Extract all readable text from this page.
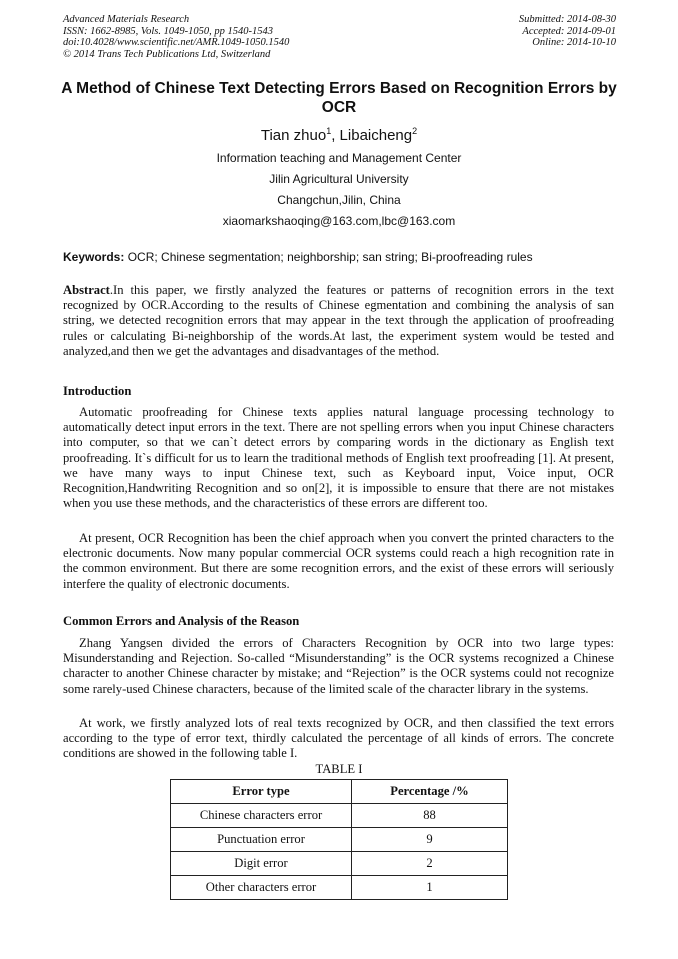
Advanced Materials Research
ISSN: 1662-8985, Vols. 1049-1050, pp 1540-1543
doi:10.4028/www.scientific.net/AMR.1049-1050.1540
© 2014 Trans Tech Publications Ltd, Switzerland
Submitted: 2014-08-30
Accepted: 2014-09-01
Online: 2014-10-10
A Method of Chinese Text Detecting Errors Based on Recognition Errors by OCR
Tian zhuo$^1$, Libaicheng$^2$
Information teaching and Management Center
Jilin Agricultural University
Changchun,Jilin, China
xiaomarkshaoqing@163.com,lbc@163.com
Keywords: OCR; Chinese segmentation; neighborship; san string; Bi-proofreading rules
Abstract.In this paper, we firstly analyzed the features or patterns of recognition errors in the text recognized by OCR.According to the results of Chinese egmentation and combining the analysis of san string, we detected recognition errors that may appear in the text through the application of proofreading rules or calculating Bi-neighborship of the words.At last, the experiment system would be tested and analyzed,and then we get the advantages and disadvantages of the method.
Introduction
Automatic proofreading for Chinese texts applies natural language processing technology to automatically detect input errors in the text. There are not spelling errors when you input Chinese characters into computer, so that we can`t detect errors by comparing words in the dictionary as English text proofreading. It`s difficult for us to learn the traditional methods of English text proofreading [1]. At present, we have many ways to input Chinese text, such as Keyboard input, Voice input, OCR Recognition,Handwriting Recognition and so on[2], it is impossible to ensure that there are not mistakes when you use these methods, and the characteristics of these errors are different too.
At present, OCR Recognition has been the chief approach when you convert the printed characters to the electronic documents. Now many popular commercial OCR systems could reach a high recognition rate in the common environment. But there are some recognition errors, and the exist of these errors will seriously interfere the quality of electronic documents.
Common Errors and Analysis of the Reason
Zhang Yangsen divided the errors of Characters Recognition by OCR into two large types: Misunderstanding and Rejection. So-called “Misunderstanding” is the OCR systems recognized a Chinese character to another Chinese character by mistake; and “Rejection” is the OCR systems could not recognize some rarely-used Chinese characters, because of the limited scale of the character library in the systems.
At work, we firstly analyzed lots of real texts recognized by OCR, and then classified the text errors according to the type of error text, thirdly calculated the percentage of all kinds of errors. The concrete conditions are showed in the following table I.
TABLE I
Error type	Percentage /%
Chinese characters error	88
Punctuation error	9
Digit error	2
Other characters error	1
